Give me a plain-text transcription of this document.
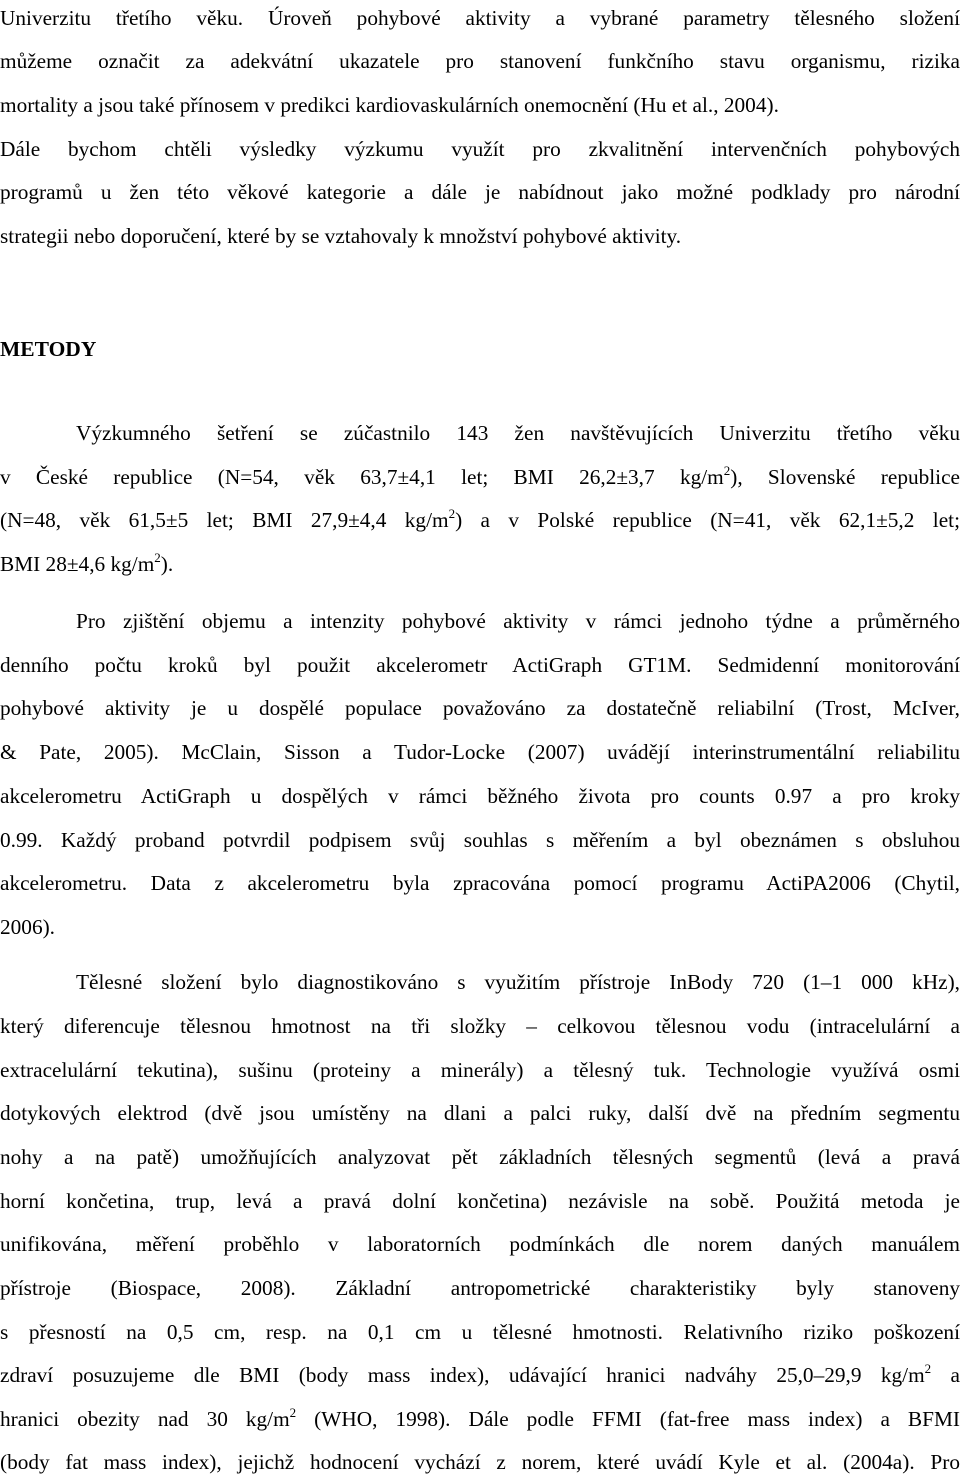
Univerzitu třetího věku. Úroveň pohybové aktivity a vybrané parametry tělesného složení
můžeme označit za adekvátní ukazatele pro stanovení funkčního stavu organismu, rizika
mortality a jsou také přínosem v predikci kardiovaskulárních onemocnění (Hu et al., 2004).
Dále bychom chtěli výsledky výzkumu využít pro zkvalitnění intervenčních pohybových
programů u žen této věkové kategorie a dále je nabídnout jako možné podklady pro národní
strategii nebo doporučení, které by se vztahovaly k množství pohybové aktivity.
METODY
Výzkumného šetření se zúčastnilo 143 žen navštěvujících Univerzitu třetího věku
v České republice (N=54, věk 63,7±4,1 let; BMI 26,2±3,7 $kg/m^2$), Slovenské republice
(N=48, věk 61,5±5 let; BMI 27,9±4,4 $kg/m^2$) a v Polské republice (N=41, věk 62,1±5,2 let;
BMI 28±4,6 $kg/m^2$).
Pro zjištění objemu a intenzity pohybové aktivity v rámci jednoho týdne a průměrného
denního počtu kroků byl použit akcelerometr ActiGraph GT1M. Sedmidenní monitorování
pohybové aktivity je u dospělé populace považováno za dostatečně reliabilní (Trost, McIver,
& Pate, 2005). McClain, Sisson a Tudor-Locke (2007) uvádějí interinstrumentální reliabilitu
akcelerometru ActiGraph u dospělých v rámci běžného života pro counts 0.97 a pro kroky
0.99. Každý proband potvrdil podpisem svůj souhlas s měřením a byl obeznámen s obsluhou
akcelerometru. Data z akcelerometru byla zpracována pomocí programu ActiPA2006 (Chytil,
2006).
Tělesné složení bylo diagnostikováno s využitím přístroje InBody 720 (1–1 000 kHz),
který diferencuje tělesnou hmotnost na tři složky – celkovou tělesnou vodu (intracelulární a
extracelulární tekutina), sušinu (proteiny a minerály) a tělesný tuk. Technologie využívá osmi
dotykových elektrod (dvě jsou umístěny na dlani a palci ruky, další dvě na předním segmentu
nohy a na patě) umožňujících analyzovat pět základních tělesných segmentů (levá a pravá
horní končetina, trup, levá a pravá dolní končetina) nezávisle na sobě. Použitá metoda je
unifikována, měření proběhlo v laboratorních podmínkách dle norem daných manuálem
přístroje (Biospace, 2008). Základní antropometrické charakteristiky byly stanoveny
s přesností na 0,5 cm, resp. na 0,1 cm u tělesné hmotnosti. Relativního riziko poškození
zdraví posuzujeme dle BMI (body mass index), udávající hranici nadváhy 25,0–29,9 $kg/m^2$ a
hranici obezity nad 30 $kg/m^2$ (WHO, 1998). Dále podle FFMI (fat-free mass index) a BFMI
(body fat mass index), jejichž hodnocení vychází z norem, které uvádí Kyle et al. (2004a). Pro
